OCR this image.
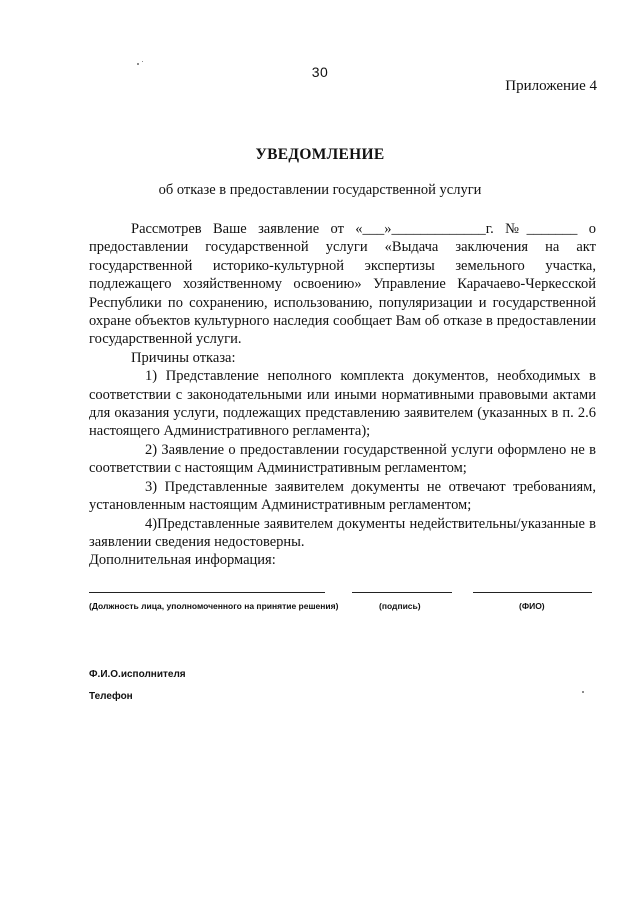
30
Приложение 4
УВЕДОМЛЕНИЕ
об отказе в предоставлении государственной услуги

Рассмотрев Ваше заявление от «___»_____________г. №_______ о предоставлении государственной услуги «Выдача заключения на акт государственной историко-культурной экспертизы земельного участка, подлежащего хозяйственному освоению» Управление Карачаево-Черкесской Республики по сохранению, использованию, популяризации и государственной охране объектов культурного наследия сообщает Вам об отказе в предоставлении государственной услуги.

Причины отказа:

1) Представление неполного комплекта документов, необходимых в соответствии с законодательными или иными нормативными правовыми актами для оказания услуги, подлежащих представлению заявителем (указанных в п. 2.6 настоящего Административного регламента);

2) Заявление о предоставлении государственной услуги оформлено не в соответствии с настоящим Административным регламентом;

3) Представленные заявителем документы не отвечают требованиям, установленным настоящим Административным регламентом;

4)Представленные заявителем документы недействительны/указанные в заявлении сведения недостоверны.

Дополнительная информация:

(Должность лица, уполномоченного на принятие решения)	(подпись)	(ФИО)
Ф.И.О.исполнителя
Телефон
